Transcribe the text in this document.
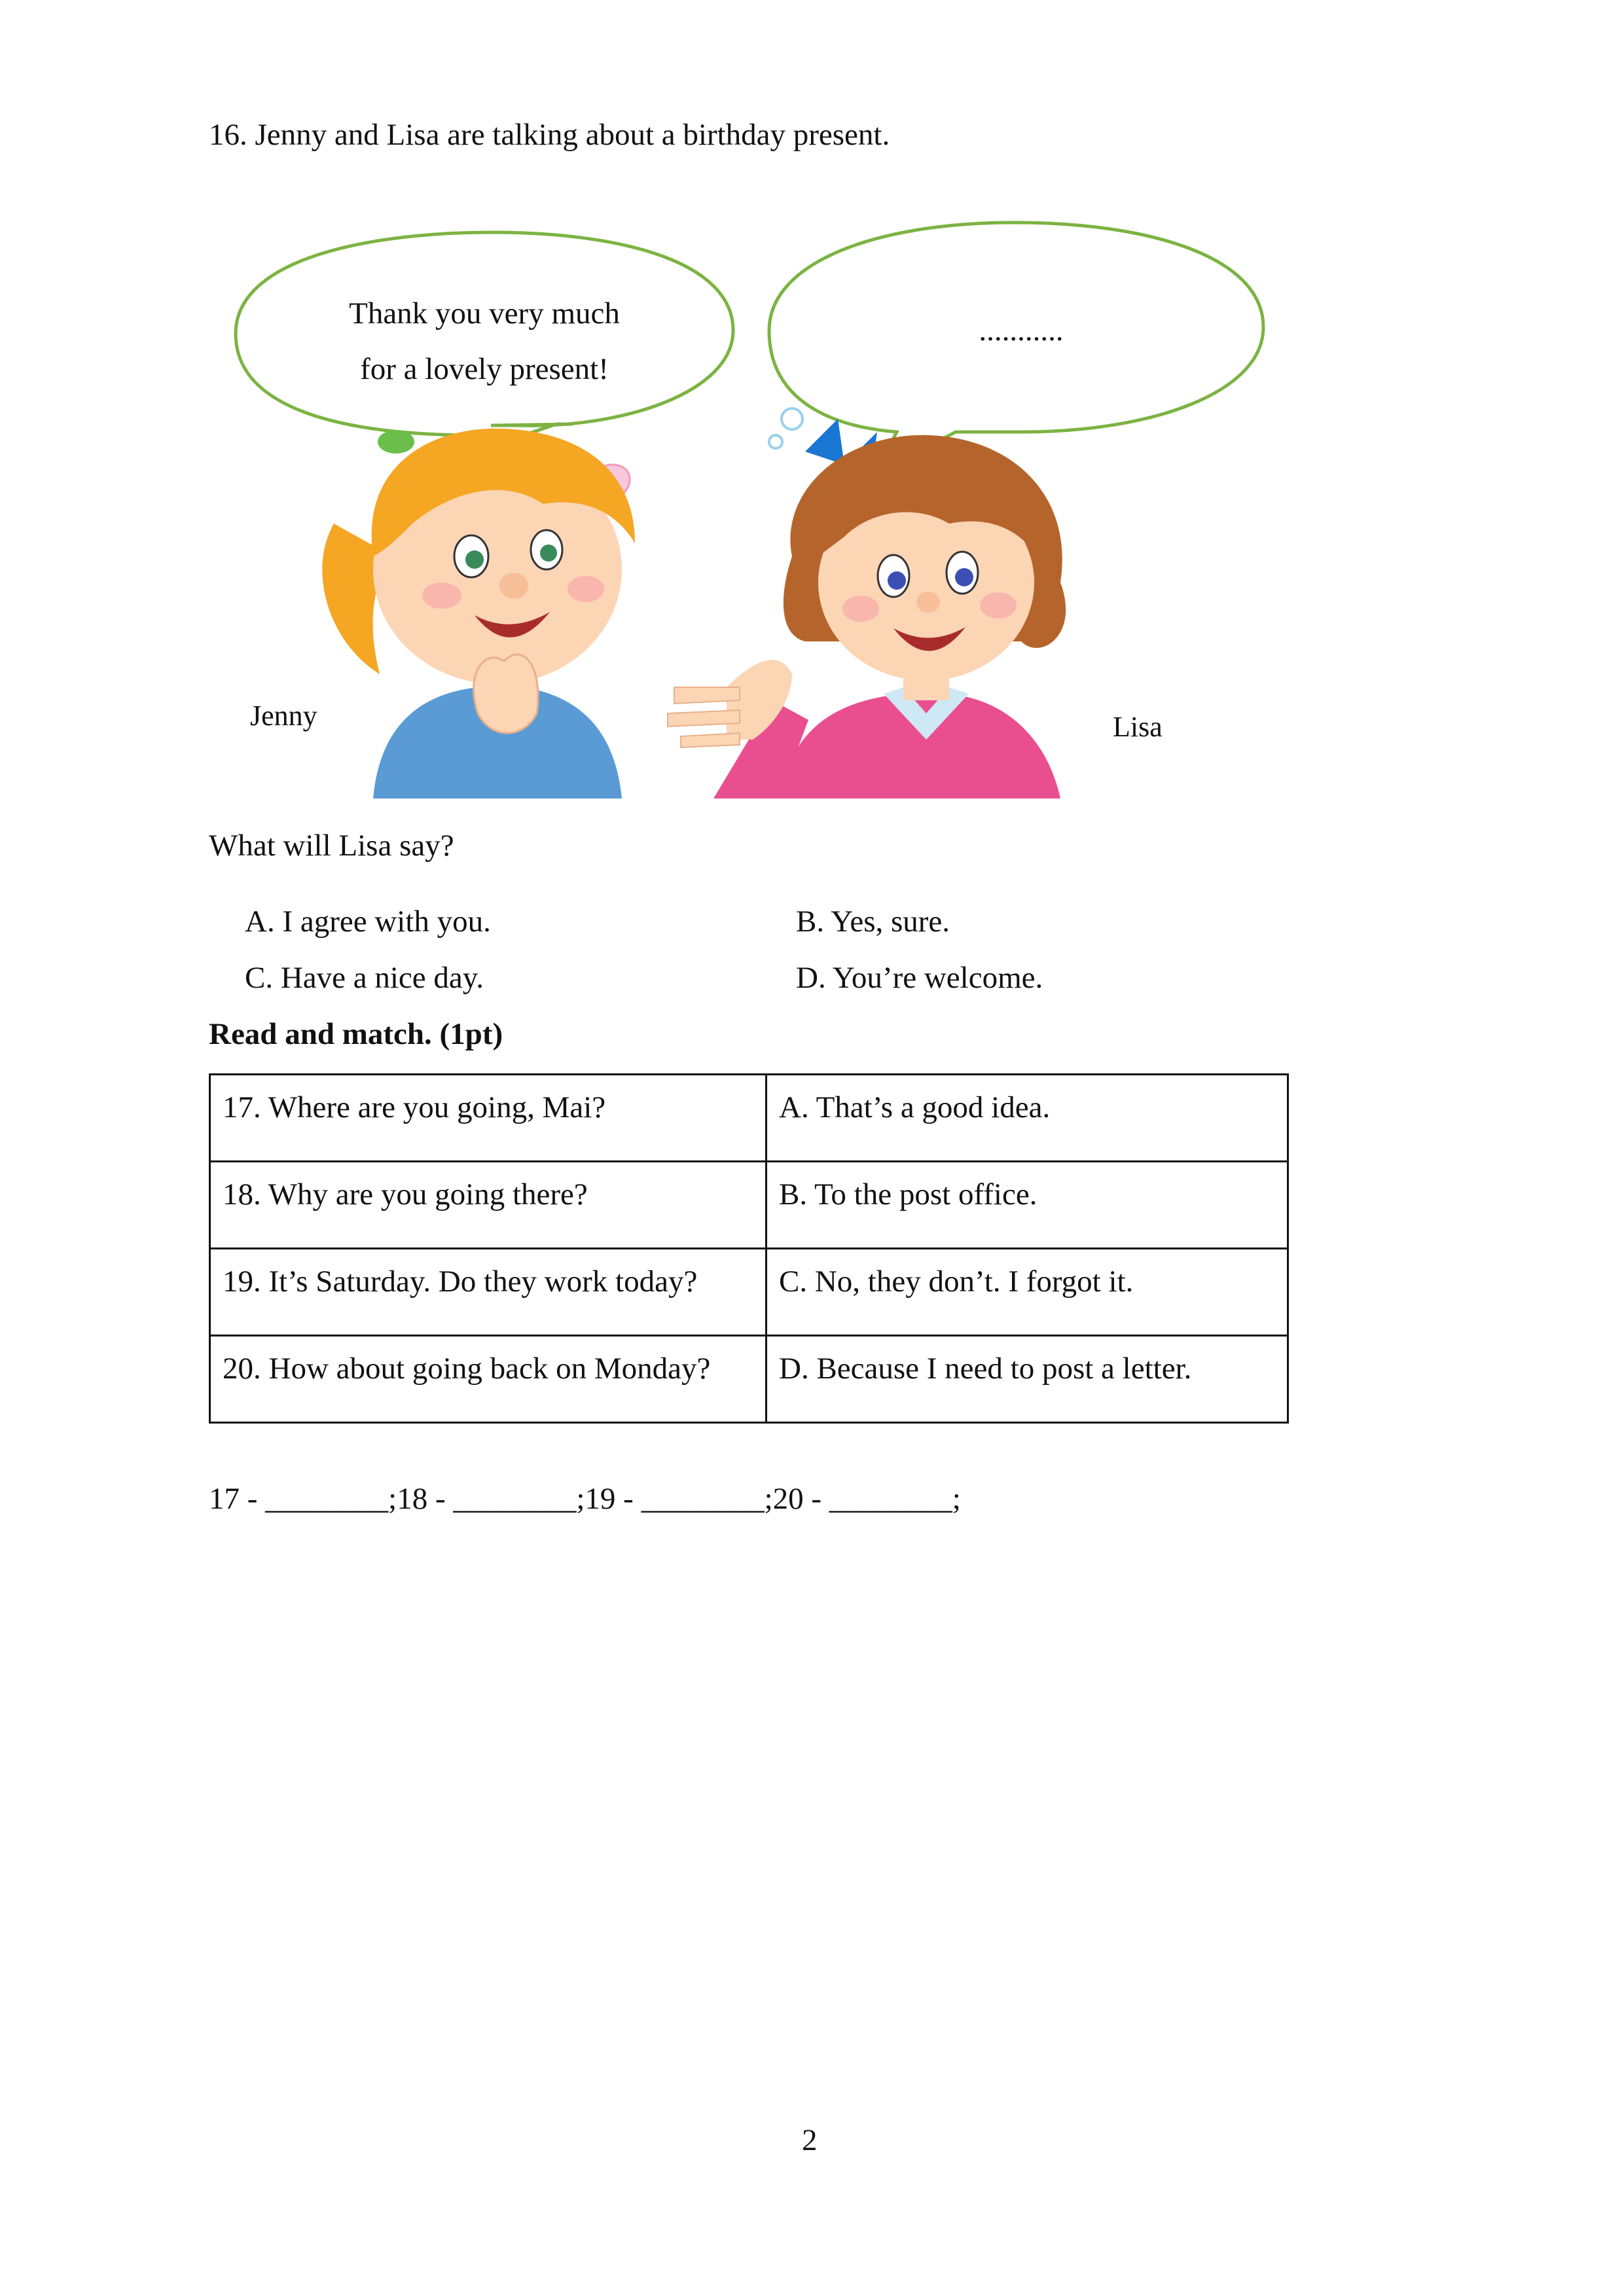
16. Jenny and Lisa are talking about a birthday present.
Thank you very much
for a lovely present!
...........
Jenny	Lisa
What will Lisa say?
A. I agree with you.	B. Yes, sure.
C. Have a nice day.	D. You’re welcome.
Read and match. (1pt)
17. Where are you going, Mai?	A. That’s a good idea.
18. Why are you going there?	B. To the post office.
19. It’s Saturday. Do they work today?	C. No, they don’t. I forgot it.
20. How about going back on Monday?	D. Because I need to post a letter.
17 - ________;18 - ________;19 - ________;20 - ________;
2
